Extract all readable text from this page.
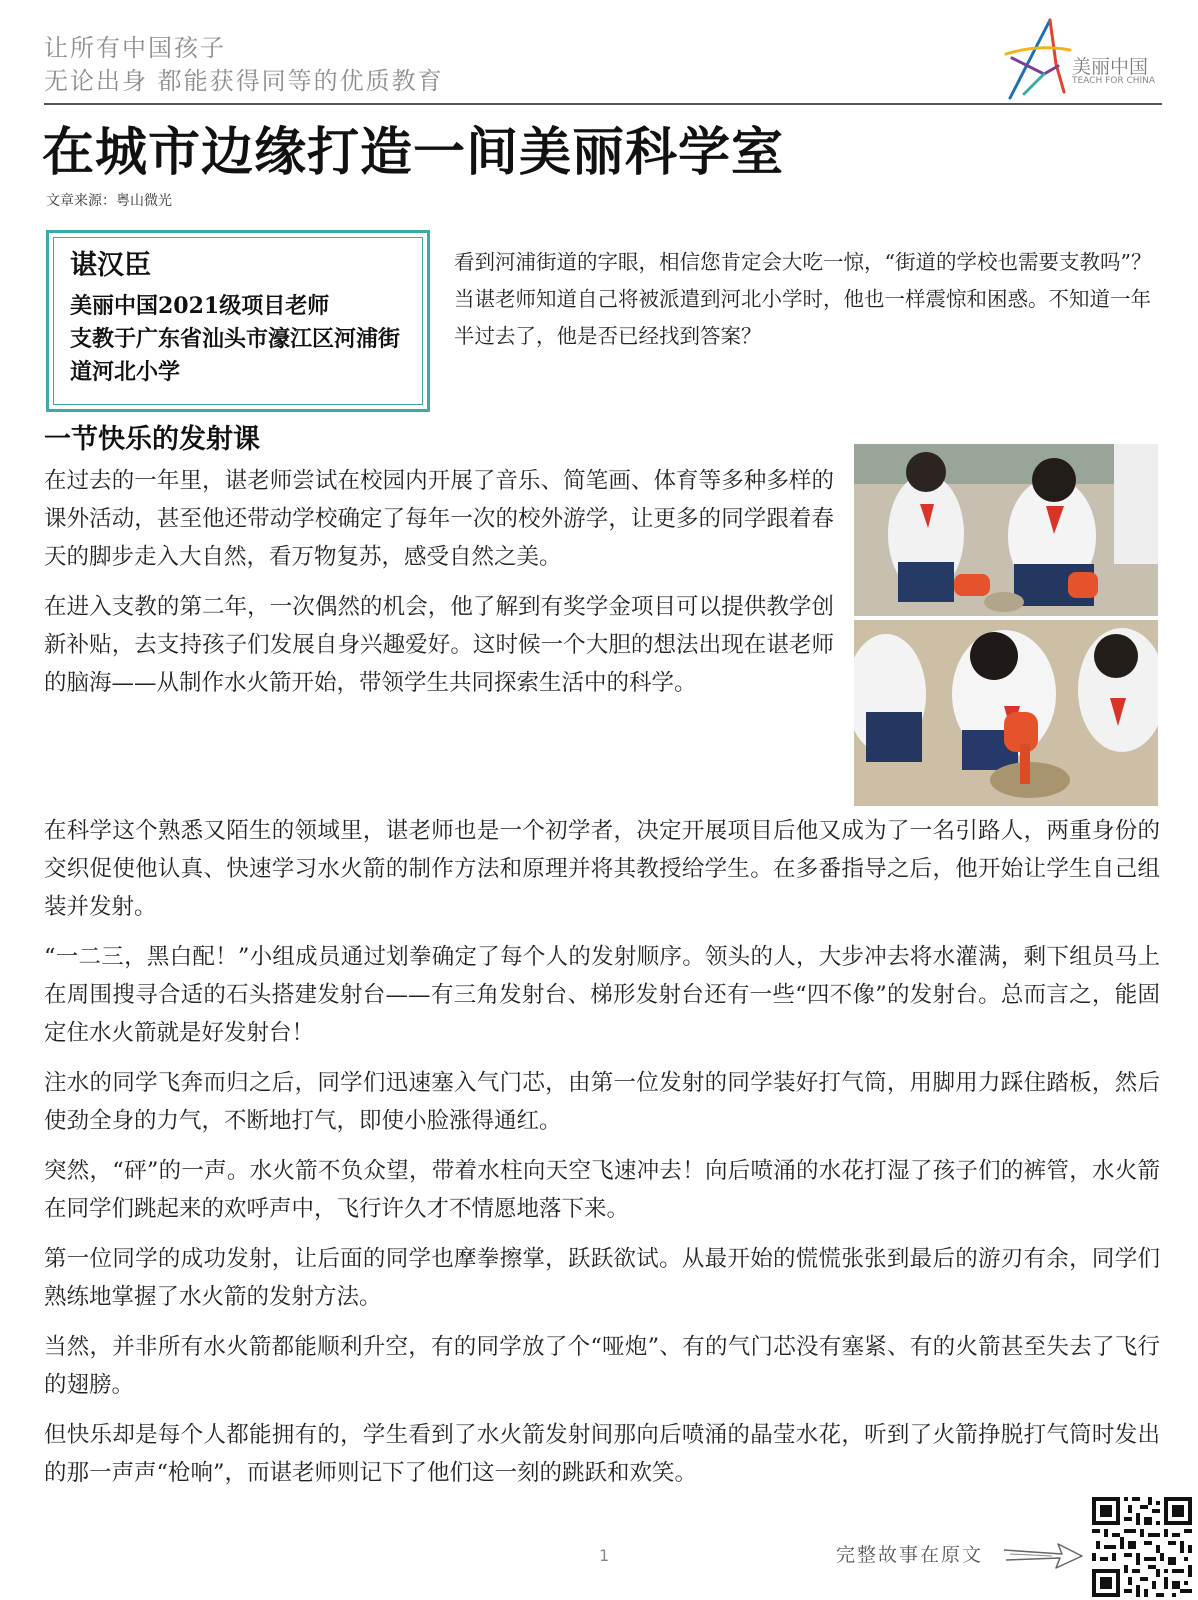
让所有中国孩子
无论出身 都能获得同等的优质教育	美丽中国
TEACH FOR CHINA
在城市边缘打造一间美丽科学室
文章来源：粤山微光
谌汉臣
美丽中国2021级项目老师
支教于广东省汕头市濠江区河浦街道河北小学

看到河浦街道的字眼，相信您肯定会大吃一惊，“街道的学校也需要支教吗”？

当谌老师知道自己将被派遣到河北小学时，他也一样震惊和困惑。不知道一年半过去了，他是否已经找到答案？

一节快乐的发射课

在过去的一年里，谌老师尝试在校园内开展了音乐、简笔画、体育等多种多样的课外活动，甚至他还带动学校确定了每年一次的校外游学，让更多的同学跟着春天的脚步走入大自然，看万物复苏，感受自然之美。

在进入支教的第二年，一次偶然的机会，他了解到有奖学金项目可以提供教学创新补贴，去支持孩子们发展自身兴趣爱好。这时候一个大胆的想法出现在谌老师的脑海——从制作水火箭开始，带领学生共同探索生活中的科学。

在科学这个熟悉又陌生的领域里，谌老师也是一个初学者，决定开展项目后他又成为了一名引路人，两重身份的交织促使他认真、快速学习水火箭的制作方法和原理并将其教授给学生。在多番指导之后，他开始让学生自己组装并发射。

“一二三，黑白配！”小组成员通过划拳确定了每个人的发射顺序。领头的人，大步冲去将水灌满，剩下组员马上在周围搜寻合适的石头搭建发射台——有三角发射台、梯形发射台还有一些“四不像”的发射台。总而言之，能固定住水火箭就是好发射台！

注水的同学飞奔而归之后，同学们迅速塞入气门芯，由第一位发射的同学装好打气筒，用脚用力踩住踏板，然后使劲全身的力气，不断地打气，即使小脸涨得通红。

突然，“砰”的一声。水火箭不负众望，带着水柱向天空飞速冲去！向后喷涌的水花打湿了孩子们的裤管，水火箭在同学们跳起来的欢呼声中，飞行许久才不情愿地落下来。

第一位同学的成功发射，让后面的同学也摩拳擦掌，跃跃欲试。从最开始的慌慌张张到最后的游刃有余，同学们熟练地掌握了水火箭的发射方法。

当然，并非所有水火箭都能顺利升空，有的同学放了个“哑炮”、有的气门芯没有塞紧、有的火箭甚至失去了飞行的翅膀。

但快乐却是每个人都能拥有的，学生看到了水火箭发射间那向后喷涌的晶莹水花，听到了火箭挣脱打气筒时发出的那一声声“枪响”，而谌老师则记下了他们这一刻的跳跃和欢笑。

1	完整故事在原文
